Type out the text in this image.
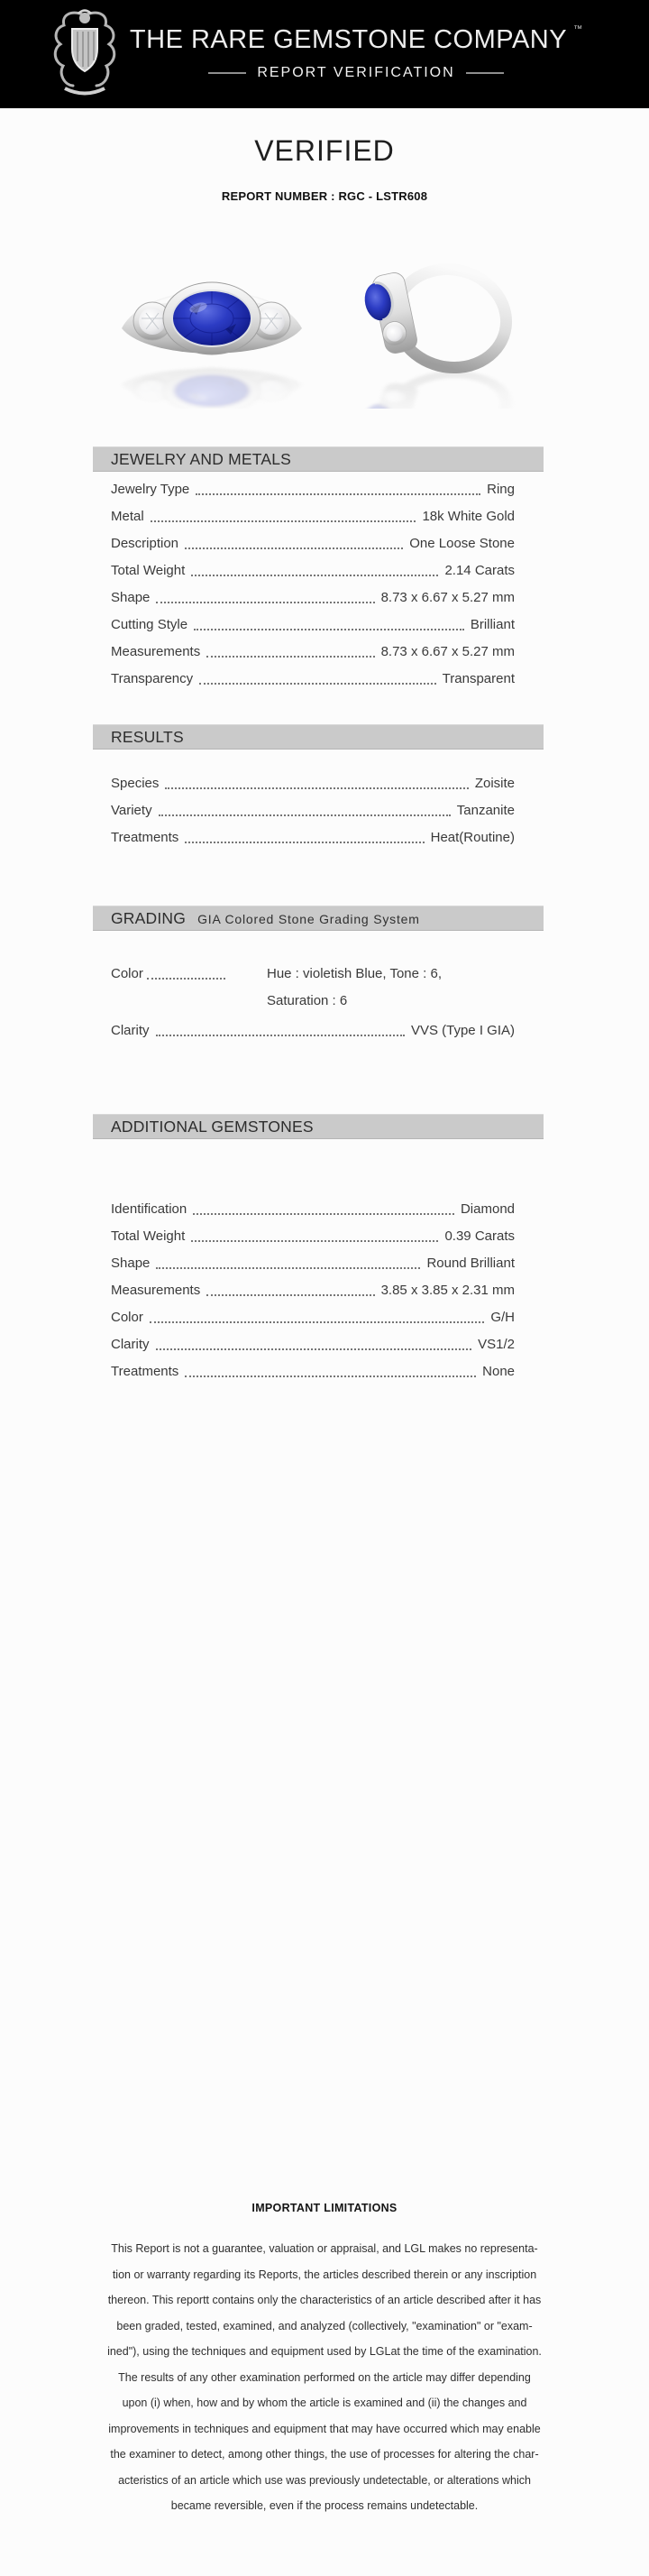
THE RARE GEMSTONE COMPANY ™
REPORT VERIFICATION
VERIFIED
REPORT NUMBER : RGC - LSTR608
JEWELRY AND METALS
Jewelry Type	Ring
Metal	18k White Gold
Description	One Loose Stone
Total Weight	2.14 Carats
Shape	8.73 x 6.67 x 5.27 mm
Cutting Style	Brilliant
Measurements	8.73 x 6.67 x 5.27 mm
Transparency	Transparent
RESULTS
Species	Zoisite
Variety	Tanzanite
Treatments	Heat(Routine)
GRADING GIA Colored Stone Grading System
Color	Hue : violetish Blue, Tone : 6,
Saturation : 6
Clarity	VVS (Type I GIA)
ADDITIONAL GEMSTONES
Identification	Diamond
Total Weight	0.39 Carats
Shape	Round Brilliant
Measurements	3.85 x 3.85 x 2.31 mm
Color	G/H
Clarity	VS1/2
Treatments	None
IMPORTANT LIMITATIONS
This Report is not a guarantee, valuation or appraisal, and LGL makes no representa-
tion or warranty regarding its Reports, the articles described therein or any inscription
thereon. This reportt contains only the characteristics of an article described after it has
been graded, tested, examined, and analyzed (collectively, "examination" or "exam-
ined"), using the techniques and equipment used by LGLat the time of the examination.
The results of any other examination performed on the article may differ depending
upon (i) when, how and by whom the article is examined and (ii) the changes and
improvements in techniques and equipment that may have occurred which may enable
the examiner to detect, among other things, the use of processes for altering the char-
acteristics of an article which use was previously undetectable, or alterations which
became reversible, even if the process remains undetectable.
